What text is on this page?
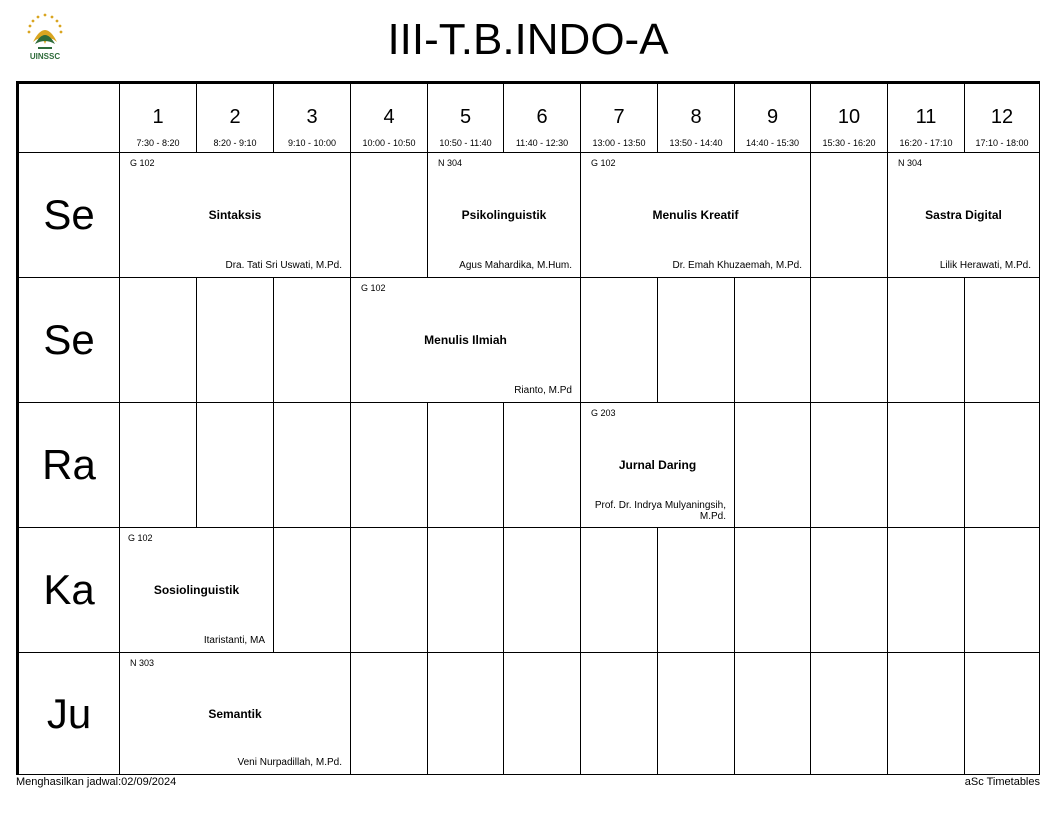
UINSSC
	III-T.B.INDO-A
1
7:30 - 8:20
2
8:20 - 9:10
3
9:10 - 10:00
4
10:00 - 10:50
5
10:50 - 11:40
6
11:40 - 12:30
7
13:00 - 13:50
8
13:50 - 14:40
9
14:40 - 15:30
10
15:30 - 16:20
11
16:20 - 17:10
12
17:10 - 18:00
Se
Se
Ra
Ka
Ju
G 102
Sintaksis
Dra. Tati Sri Uswati, M.Pd.
N 304
Psikolinguistik
Agus Mahardika, M.Hum.
G 102
Menulis Kreatif
Dr. Emah Khuzaemah, M.Pd.
N 304
Sastra Digital
Lilik Herawati, M.Pd.
G 102
Menulis Ilmiah
Rianto, M.Pd
G 203
Jurnal Daring
Prof. Dr. Indrya Mulyaningsih, M.Pd.
G 102
Sosiolinguistik
Itaristanti, MA
N 303
Semantik
Veni Nurpadillah, M.Pd.
Menghasilkan jadwal:02/09/2024	aSc Timetables
